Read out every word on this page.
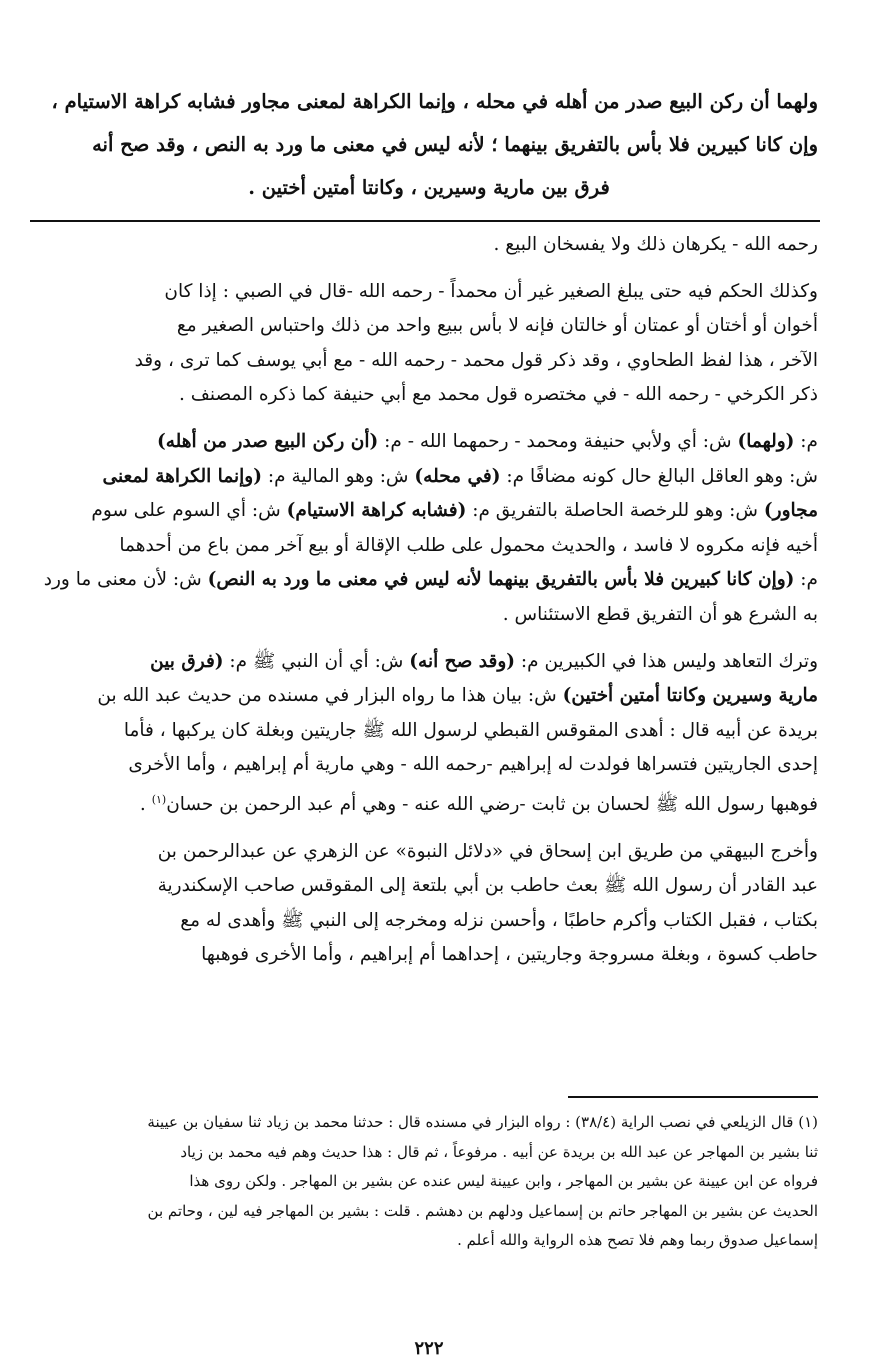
ولهما أن ركن البيع صدر من أهله في محله ، وإنما الكراهة لمعنى مجاور فشابه كراهة الاستيام ،
وإن كانا كبيرين فلا بأس بالتفريق بينهما ؛ لأنه ليس في معنى ما ورد به النص ، وقد صح أنه
فرق بين مارية وسيرين ، وكانتا أمتين أختين .

رحمه الله - يكرهان ذلك ولا يفسخان البيع .

وكذلك الحكم فيه حتى يبلغ الصغير غير أن محمداً - رحمه الله -قال في الصبي : إذا كان
أخوان أو أختان أو عمتان أو خالتان فإنه لا بأس ببيع واحد من ذلك واحتباس الصغير مع
الآخر ، هذا لفظ الطحاوي ، وقد ذكر قول محمد - رحمه الله - مع أبي يوسف كما ترى ، وقد
ذكر الكرخي - رحمه الله - في مختصره قول محمد مع أبي حنيفة كما ذكره المصنف .

م: (ولهما) ش: أي ولأبي حنيفة ومحمد - رحمهما الله - م: (أن ركن البيع صدر من أهله)
ش: وهو العاقل البالغ حال كونه مضافًا م: (في محله) ش: وهو المالية م: (وإنما الكراهة لمعنى
مجاور) ش: وهو للرخصة الحاصلة بالتفريق م: (فشابه كراهة الاستيام) ش: أي السوم على سوم
أخيه فإنه مكروه لا فاسد ، والحديث محمول على طلب الإقالة أو بيع آخر ممن باع من أحدهما
م: (وإن كانا كبيرين فلا بأس بالتفريق بينهما لأنه ليس في معنى ما ورد به النص) ش: لأن معنى ما ورد
به الشرع هو أن التفريق قطع الاستئناس .

وترك التعاهد وليس هذا في الكبيرين م: (وقد صح أنه) ش: أي أن النبي ﷺ م: (فرق بين
مارية وسيرين وكانتا أمتين أختين) ش: بيان هذا ما رواه البزار في مسنده من حديث عبد الله بن
بريدة عن أبيه قال : أهدى المقوقس القبطي لرسول الله ﷺ جاريتين وبغلة كان يركبها ، فأما
إحدى الجاريتين فتسراها فولدت له إبراهيم -رحمه الله - وهي مارية أم إبراهيم ، وأما الأخرى
فوهبها رسول الله ﷺ لحسان بن ثابت -رضي الله عنه - وهي أم عبد الرحمن بن حسان$^{(١)}$ .

وأخرج البيهقي من طريق ابن إسحاق في «دلائل النبوة» عن الزهري عن عبدالرحمن بن
عبد القادر أن رسول الله ﷺ بعث حاطب بن أبي بلتعة إلى المقوقس صاحب الإسكندرية
بكتاب ، فقبل الكتاب وأكرم حاطبًا ، وأحسن نزله ومخرجه إلى النبي ﷺ وأهدى له مع
حاطب كسوة ، وبغلة مسروجة وجاريتين ، إحداهما أم إبراهيم ، وأما الأخرى فوهبها

(١) قال الزيلعي في نصب الراية (٣٨/٤) : رواه البزار في مسنده قال : حدثنا محمد بن زياد ثنا سفيان بن عيينة
ثنا بشير بن المهاجر عن عبد الله بن بريدة عن أبيه . مرفوعاً ، ثم قال : هذا حديث وهم فيه محمد بن زياد
فرواه عن ابن عيينة عن بشير بن المهاجر ، وابن عيينة ليس عنده عن بشير بن المهاجر . ولكن روى هذا
الحديث عن بشير بن المهاجر حاتم بن إسماعيل ودلهم بن دهشم . قلت : بشير بن المهاجر فيه لين ، وحاتم بن
إسماعيل صدوق ربما وهم فلا تصح هذه الرواية والله أعلم .
٢٢٢
